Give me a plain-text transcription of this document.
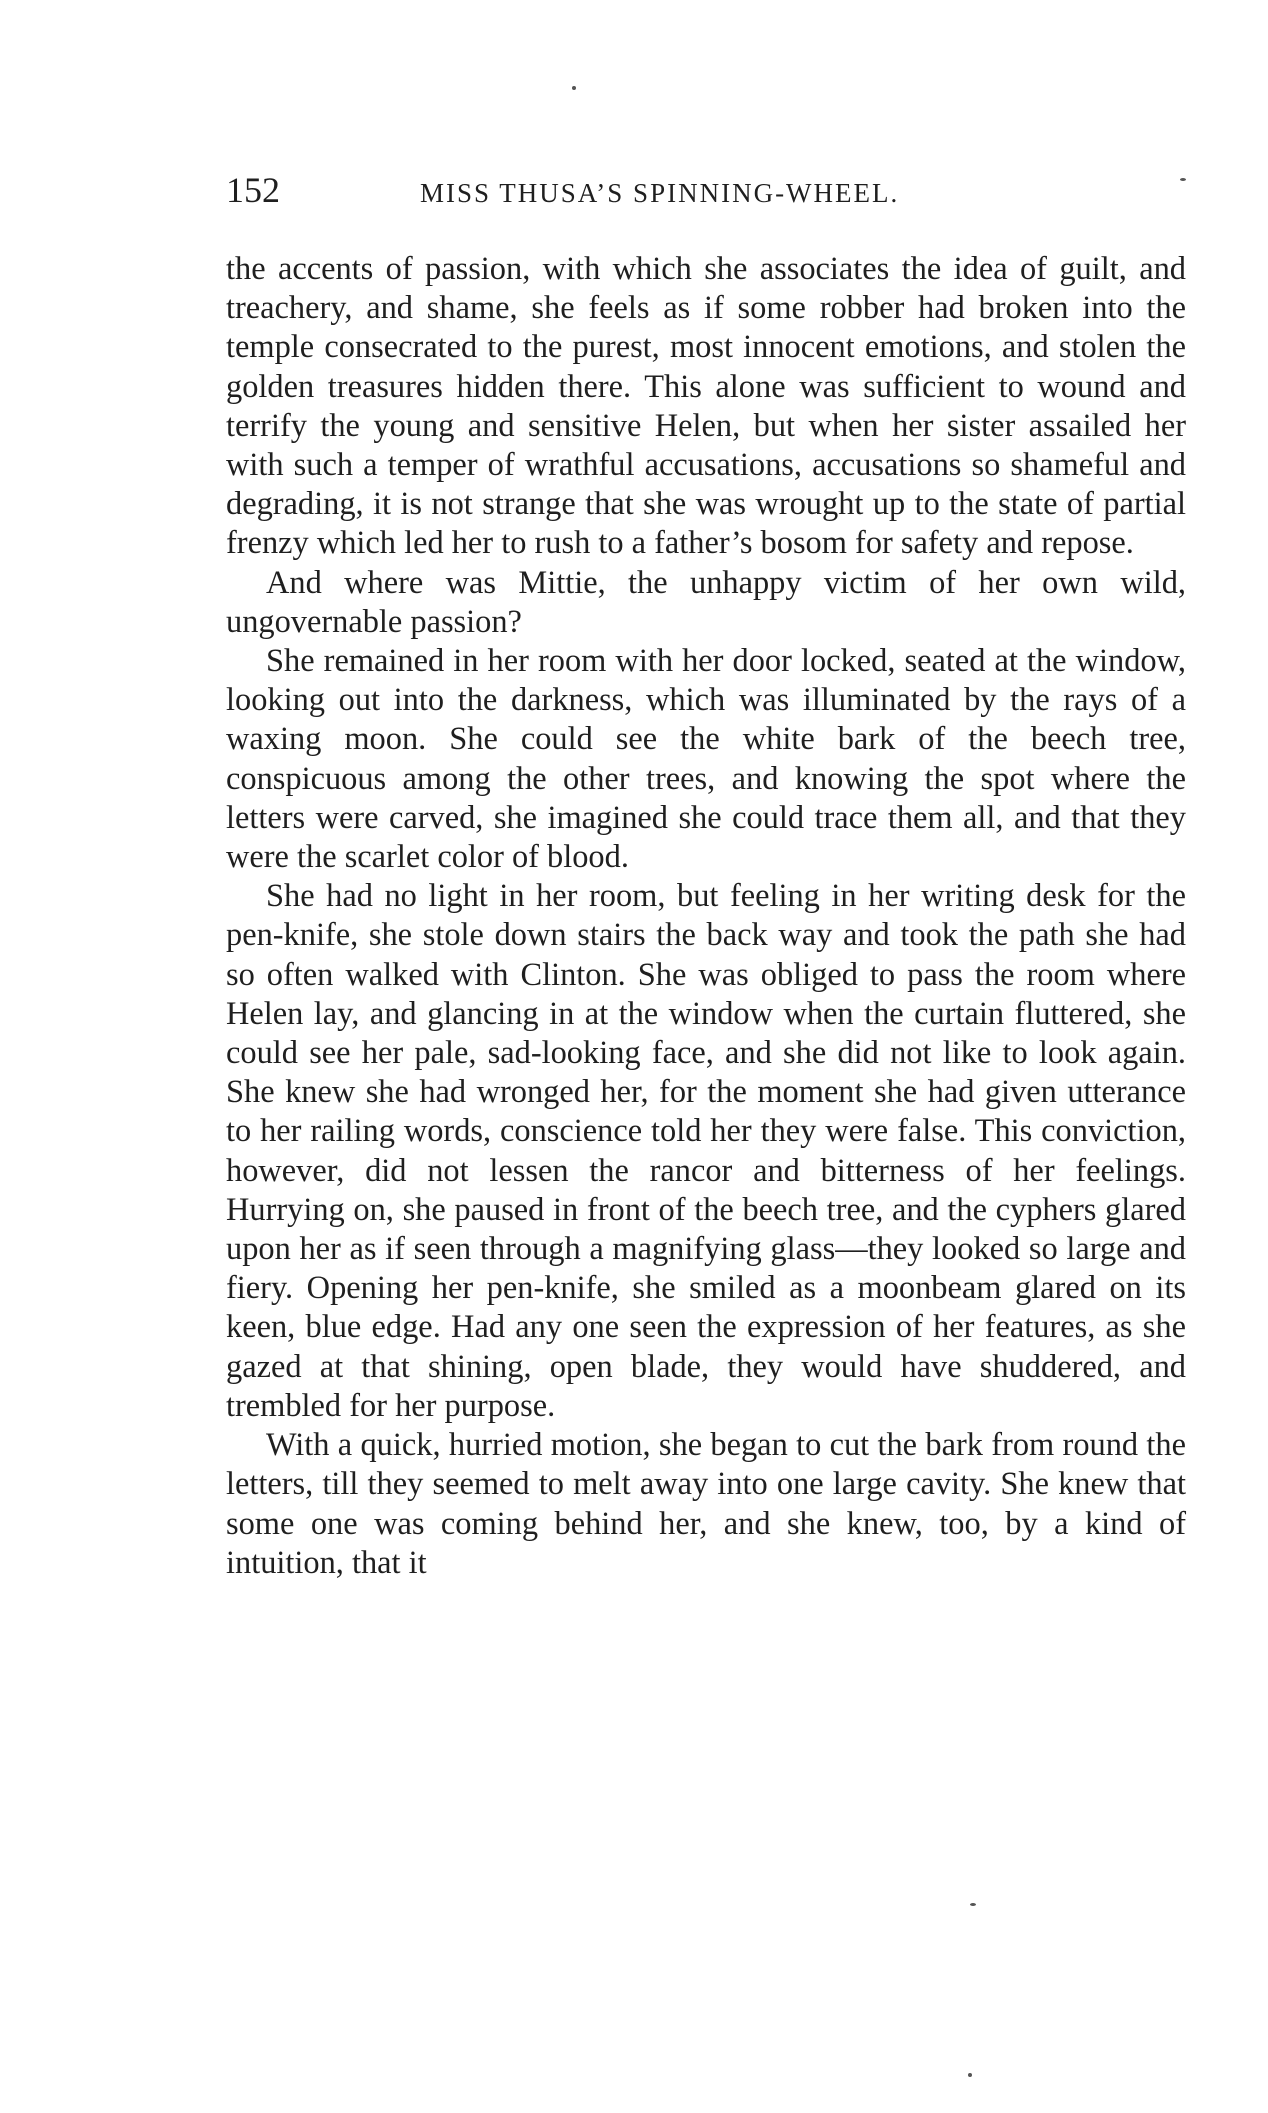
152	MISS THUSA’S SPINNING-WHEEL.

the accents of passion, with which she associates the idea of guilt, and treachery, and shame, she feels as if some robber had broken into the temple consecrated to the purest, most innocent emotions, and stolen the golden treasures hidden there. This alone was sufficient to wound and terrify the young and sensitive Helen, but when her sister assailed her with such a temper of wrathful accusations, accusations so shameful and degrading, it is not strange that she was wrought up to the state of partial frenzy which led her to rush to a father’s bosom for safety and repose.

And where was Mittie, the unhappy victim of her own wild, ungovernable passion?

She remained in her room with her door locked, seated at the window, looking out into the darkness, which was illuminated by the rays of a waxing moon. She could see the white bark of the beech tree, conspicuous among the other trees, and knowing the spot where the letters were carved, she imagined she could trace them all, and that they were the scarlet color of blood.

She had no light in her room, but feeling in her writing desk for the pen-knife, she stole down stairs the back way and took the path she had so often walked with Clinton. She was obliged to pass the room where Helen lay, and glancing in at the window when the curtain fluttered, she could see her pale, sad-looking face, and she did not like to look again. She knew she had wronged her, for the moment she had given utterance to her railing words, conscience told her they were false. This conviction, however, did not lessen the rancor and bitterness of her feelings. Hurrying on, she paused in front of the beech tree, and the cyphers glared upon her as if seen through a magnifying glass—they looked so large and fiery. Opening her pen-knife, she smiled as a moonbeam glared on its keen, blue edge. Had any one seen the expression of her features, as she gazed at that shining, open blade, they would have shuddered, and trembled for her purpose.

With a quick, hurried motion, she began to cut the bark from round the letters, till they seemed to melt away into one large cavity. She knew that some one was coming behind her, and she knew, too, by a kind of intuition, that it
